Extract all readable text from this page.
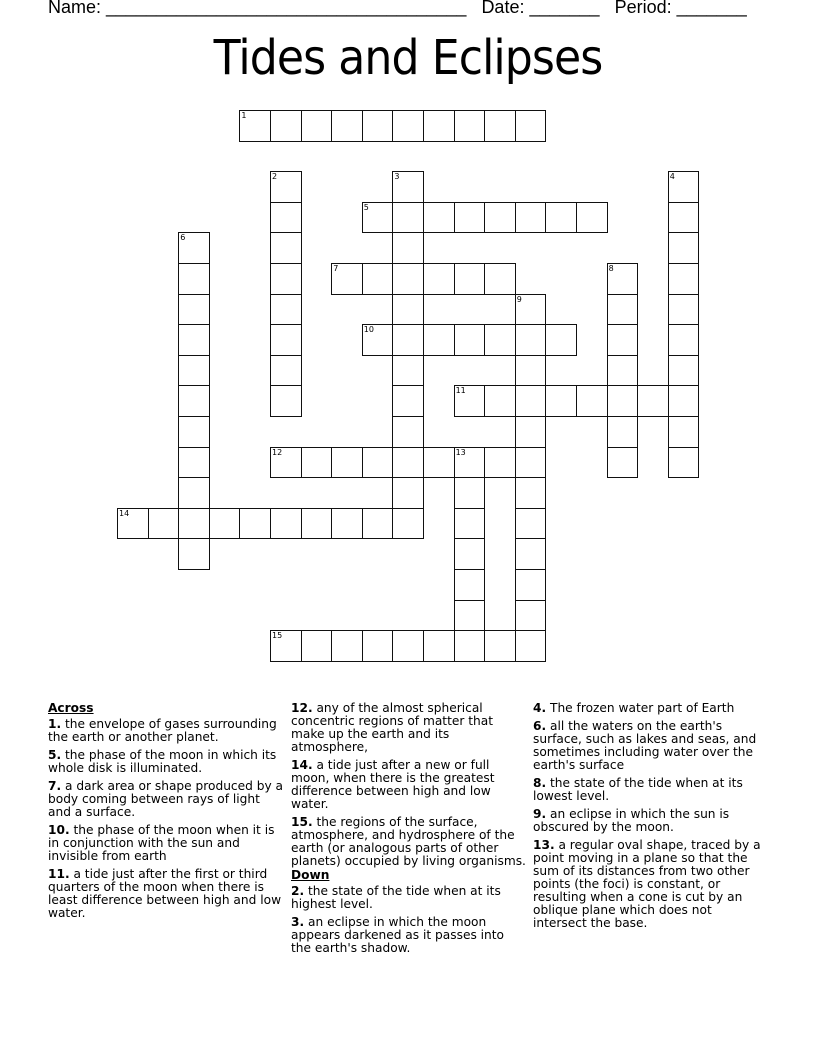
Name: ____________________________________ Date: _______ Period: _______
Tides and Eclipses
1
2	3	4
5
6
7	8
9
10
11
12	13
14
15
Across
1. the envelope of gases surrounding the earth or another planet.
5. the phase of the moon in which its whole disk is illuminated.
7. a dark area or shape produced by a body coming between rays of light and a surface.
10. the phase of the moon when it is in conjunction with the sun and invisible from earth
11. a tide just after the first or third quarters of the moon when there is least difference between high and low water.
12. any of the almost spherical concentric regions of matter that make up the earth and its atmosphere,
14. a tide just after a new or full moon, when there is the greatest difference between high and low water.
15. the regions of the surface, atmosphere, and hydrosphere of the earth (or analogous parts of other planets) occupied by living organisms.
Down
2. the state of the tide when at its highest level.
3. an eclipse in which the moon appears darkened as it passes into the earth's shadow.
4. The frozen water part of Earth
6. all the waters on the earth's surface, such as lakes and seas, and sometimes including water over the earth's surface
8. the state of the tide when at its lowest level.
9. an eclipse in which the sun is obscured by the moon.
13. a regular oval shape, traced by a point moving in a plane so that the sum of its distances from two other points (the foci) is constant, or resulting when a cone is cut by an oblique plane which does not intersect the base.
